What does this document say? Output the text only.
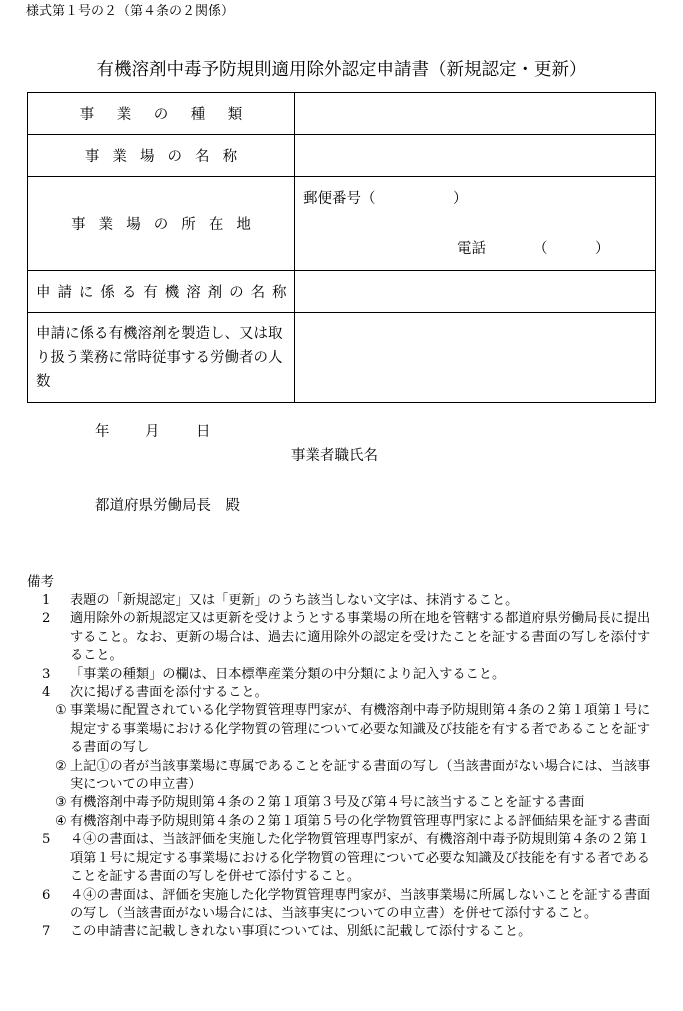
様式第１号の２（第４条の２関係）
有機溶剤中毒予防規則適用除外認定申請書（新規認定・更新）
事業の種類	

事業場の名称	

事業場の所在地	郵便番号（ ）
電話 （ ）

申請に係る有機溶剤の名称	

申請に係る有機溶剤を製造し、又は取り扱う業務に常時従事する労働者の人数	

年 月	日
事業者職氏名
都道府県労働局長　殿
備考
1 表題の「新規認定」又は「更新」のうち該当しない文字は、抹消すること。
2 適用除外の新規認定又は更新を受けようとする事業場の所在地を管轄する都道府県労働局長に提出すること。なお、更新の場合は、過去に適用除外の認定を受けたことを証する書面の写しを添付すること。
3 「事業の種類」の欄は、日本標準産業分類の中分類により記入すること。
4 次に掲げる書面を添付すること。
① 事業場に配置されている化学物質管理専門家が、有機溶剤中毒予防規則第４条の２第１項第１号に規定する事業場における化学物質の管理について必要な知識及び技能を有する者であることを証する書面の写し
② 上記①の者が当該事業場に専属であることを証する書面の写し（当該書面がない場合には、当該事実についての申立書）
③ 有機溶剤中毒予防規則第４条の２第１項第３号及び第４号に該当することを証する書面
④ 有機溶剤中毒予防規則第４条の２第１項第５号の化学物質管理専門家による評価結果を証する書面
5 ４④の書面は、当該評価を実施した化学物質管理専門家が、有機溶剤中毒予防規則第４条の２第１項第１号に規定する事業場における化学物質の管理について必要な知識及び技能を有する者であることを証する書面の写しを併せて添付すること。
6 ４④の書面は、評価を実施した化学物質管理専門家が、当該事業場に所属しないことを証する書面の写し（当該書面がない場合には、当該事実についての申立書）を併せて添付すること。
7 この申請書に記載しきれない事項については、別紙に記載して添付すること。
